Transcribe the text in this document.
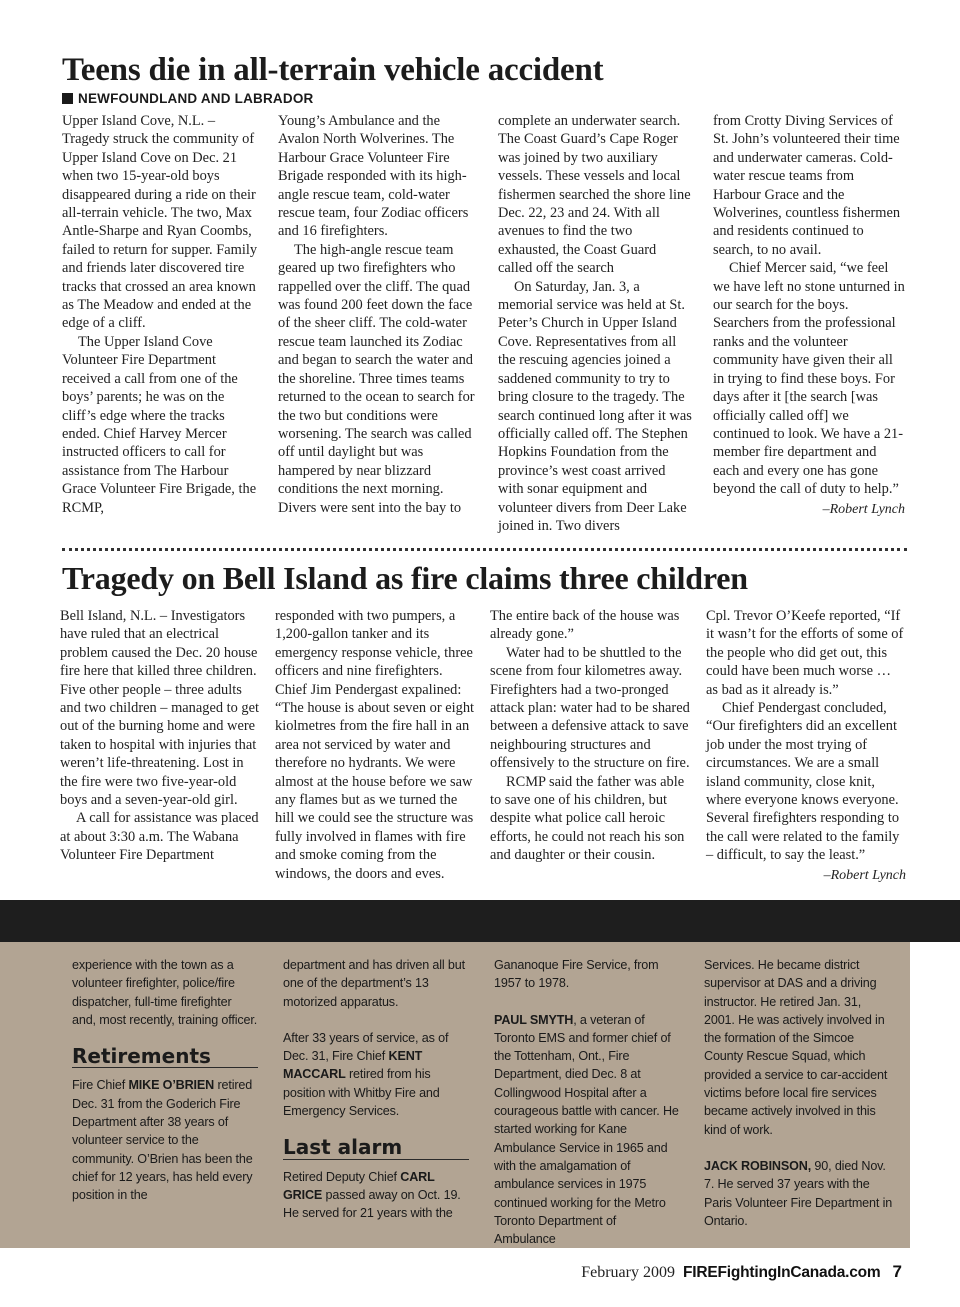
Teens die in all-terrain vehicle accident
NEWFOUNDLAND AND LABRADOR

Upper Island Cove, N.L. – Tragedy struck the community of Upper Island Cove on Dec. 21 when two 15-year-old boys disappeared during a ride on their all-terrain vehicle. The two, Max Antle-Sharpe and Ryan Coombs, failed to return for supper. Family and friends later discovered tire tracks that crossed an area known as The Meadow and ended at the edge of a cliff.

The Upper Island Cove Volunteer Fire Department received a call from one of the boys’ parents; he was on the cliff’s edge where the tracks ended. Chief Harvey Mercer instructed officers to call for assistance from The Harbour Grace Volunteer Fire Brigade, the RCMP,

Young’s Ambulance and the Avalon North Wolverines. The Harbour Grace Volunteer Fire Brigade responded with its high-angle rescue team, cold-water rescue team, four Zodiac officers and 16 firefighters.

The high-angle rescue team geared up two firefighters who rappelled over the cliff. The quad was found 200 feet down the face of the sheer cliff. The cold-water rescue team launched its Zodiac and began to search the water and the shoreline. Three times teams returned to the ocean to search for the two but conditions were worsening. The search was called off until daylight but was hampered by near blizzard conditions the next morning. Divers were sent into the bay to

complete an underwater search. The Coast Guard’s Cape Roger was joined by two auxiliary vessels. These vessels and local fishermen searched the shore line Dec. 22, 23 and 24. With all avenues to find the two exhausted, the Coast Guard called off the search

On Saturday, Jan. 3, a memorial service was held at St. Peter’s Church in Upper Island Cove. Representatives from all the rescuing agencies joined a saddened community to try to bring closure to the tragedy. The search continued long after it was officially called off. The Stephen Hopkins Foundation from the province’s west coast arrived with sonar equipment and volunteer divers from Deer Lake joined in. Two divers

from Crotty Diving Services of St. John’s volunteered their time and underwater cameras. Cold-water rescue teams from Harbour Grace and the Wolverines, countless fishermen and residents continued to search, to no avail.

Chief Mercer said, “we feel we have left no stone unturned in our search for the boys. Searchers from the professional ranks and the volunteer community have given their all in trying to find these boys. For days after it [the search [was officially called off] we continued to look. We have a 21-member fire department and each and every one has gone beyond the call of duty to help.”

–Robert Lynch
Tragedy on Bell Island as fire claims three children

Bell Island, N.L. – Investigators have ruled that an electrical problem caused the Dec. 20 house fire here that killed three children. Five other people – three adults and two children – managed to get out of the burning home and were taken to hospital with injuries that weren’t life-threatening. Lost in the fire were two five-year-old boys and a seven-year-old girl.

A call for assistance was placed at about 3:30 a.m. The Wabana Volunteer Fire Department

responded with two pumpers, a 1,200-gallon tanker and its emergency response vehicle, three officers and nine firefighters. Chief Jim Pendergast expalined: “The house is about seven or eight kiolmetres from the fire hall in an area not serviced by water and therefore no hydrants. We were almost at the house before we saw any flames but as we turned the hill we could see the structure was fully involved in flames with fire and smoke coming from the windows, the doors and eves.

The entire back of the house was already gone.”

Water had to be shuttled to the scene from four kilometres away. Firefighters had a two-pronged attack plan: water had to be shared between a defensive attack to save neighbouring structures and offensively to the structure on fire.

RCMP said the father was able to save one of his children, but despite what police call heroic efforts, he could not reach his son and daughter or their cousin.

Cpl. Trevor O’Keefe reported, “If it wasn’t for the efforts of some of the people who did get out, this could have been much worse … as bad as it already is.”

Chief Pendergast concluded, “Our firefighters did an excellent job under the most trying of circumstances. We are a small island community, close knit, where everyone knows everyone. Several firefighters responding to the call were related to the family – difficult, to say the least.”

–Robert Lynch

experience with the town as a volunteer firefighter, police/fire dispatcher, full-time firefighter and, most recently, training officer.

Retirements

Fire Chief MIKE O’BRIEN retired Dec. 31 from the Goderich Fire Department after 38 years of volunteer service to the community. O’Brien has been the chief for 12 years, has held every position in the

department and has driven all but one of the department’s 13 motorized apparatus.

After 33 years of service, as of Dec. 31, Fire Chief KENT MACCARL retired from his position with Whitby Fire and Emergency Services.

Last alarm

Retired Deputy Chief CARL GRICE passed away on Oct. 19. He served for 21 years with the

Gananoque Fire Service, from 1957 to 1978.

PAUL SMYTH, a veteran of Toronto EMS and former chief of the Tottenham, Ont., Fire Department, died Dec. 8 at Collingwood Hospital after a courageous battle with cancer. He started working for Kane Ambulance Service in 1965 and with the amalgamation of ambulance services in 1975 continued working for the Metro Toronto Department of Ambulance

Services. He became district supervisor at DAS and a driving instructor. He retired Jan. 31, 2001. He was actively involved in the formation of the Simcoe County Rescue Squad, which provided a service to car-accident victims before local fire services became actively involved in this kind of work.

JACK ROBINSON, 90, died Nov. 7. He served 37 years with the Paris Volunteer Fire Department in Ontario.

February 2009 FIREFightingInCanada.com 7
